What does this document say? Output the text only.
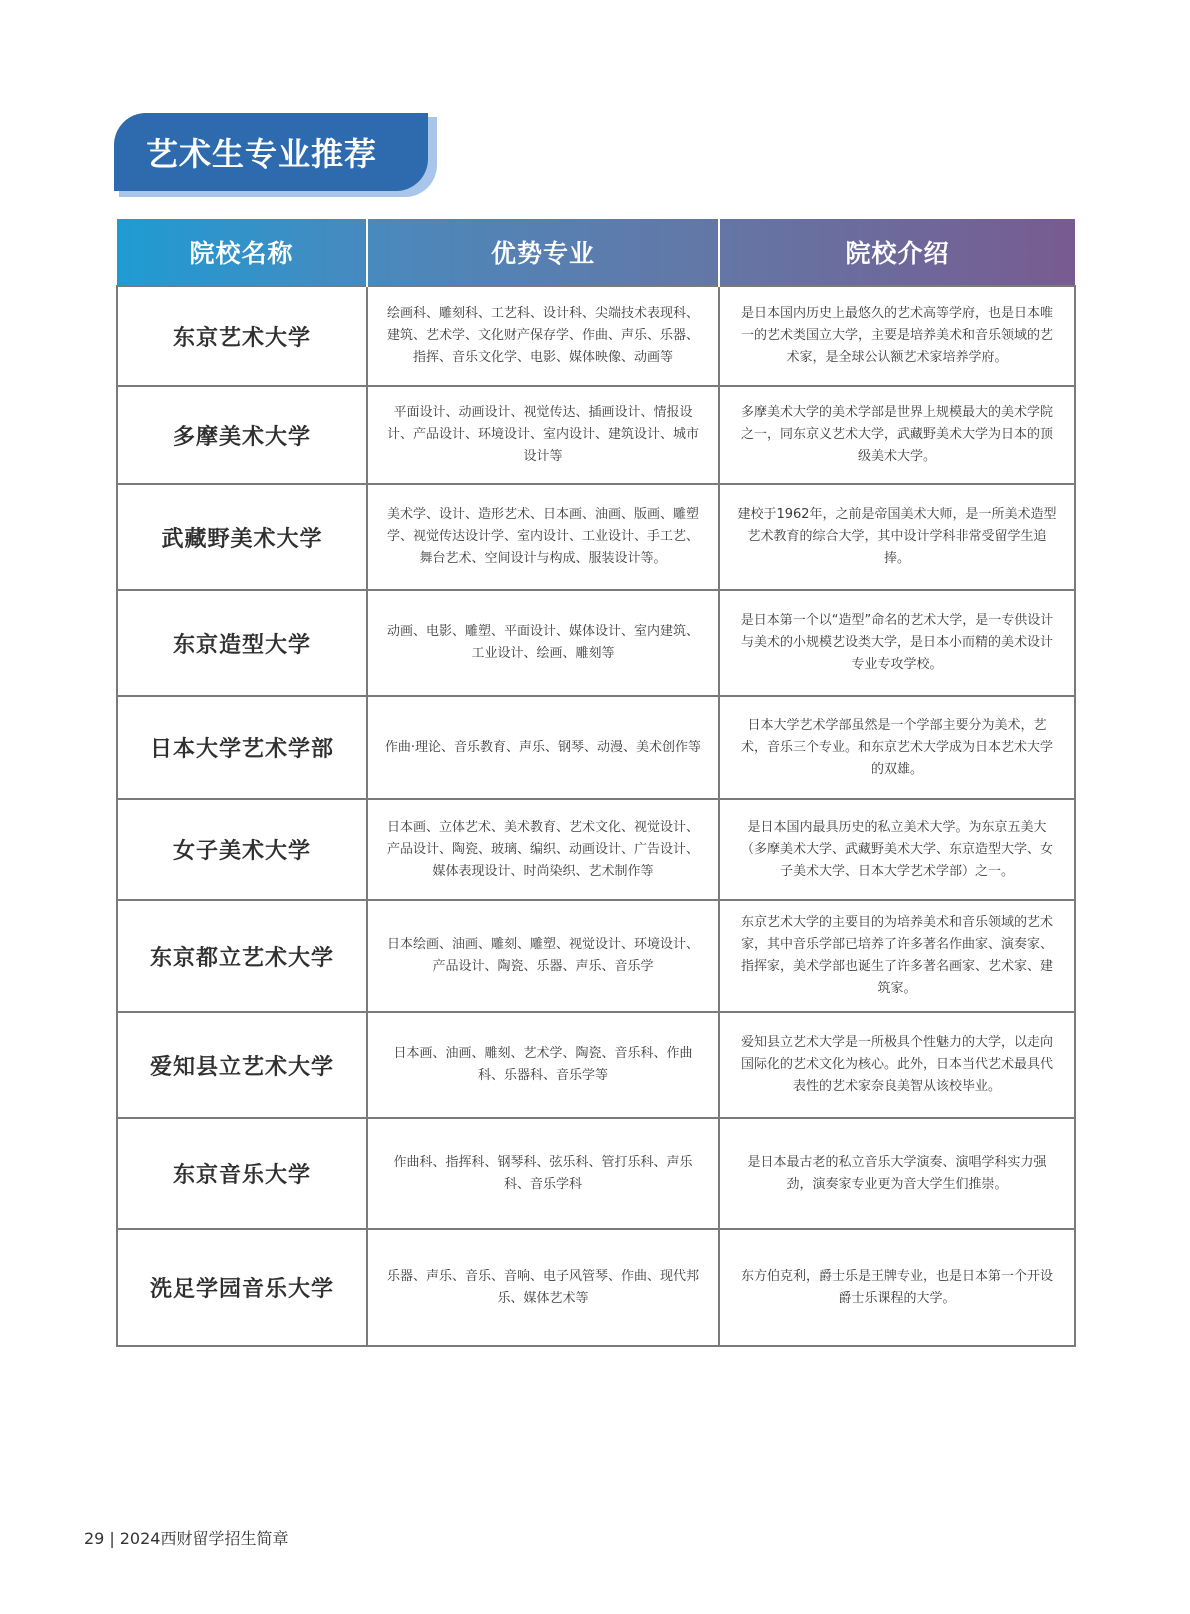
艺术生专业推荐
院校名称	优势专业	院校介绍
东京艺术大学	绘画科、雕刻科、工艺科、设计科、尖端技术表现科、建筑、艺术学、文化财产保存学、作曲、声乐、乐器、指挥、音乐文化学、电影、媒体映像、动画等	是日本国内历史上最悠久的艺术高等学府，也是日本唯一的艺术类国立大学，主要是培养美术和音乐领域的艺术家，是全球公认额艺术家培养学府。
多摩美术大学	平面设计、动画设计、视觉传达、插画设计、情报设计、产品设计、环境设计、室内设计、建筑设计、城市设计等	多摩美术大学的美术学部是世界上规模最大的美术学院之一，同东京义艺术大学，武藏野美术大学为日本的顶级美术大学。
武藏野美术大学	美术学、设计、造形艺术、日本画、油画、版画、雕塑学、视觉传达设计学、室内设计、工业设计、手工艺、舞台艺术、空间设计与构成、服装设计等。	建校于1962年，之前是帝国美术大师，是一所美术造型艺术教育的综合大学，其中设计学科非常受留学生追捧。
东京造型大学	动画、电影、雕塑、平面设计、媒体设计、室内建筑、工业设计、绘画、雕刻等	是日本第一个以“造型”命名的艺术大学，是一专供设计与美术的小规模艺设类大学，是日本小而精的美术设计专业专攻学校。
日本大学艺术学部	作曲·理论、音乐教育、声乐、钢琴、动漫、美术创作等	日本大学艺术学部虽然是一个学部主要分为美术，艺术，音乐三个专业。和东京艺术大学成为日本艺术大学的双雄。
女子美术大学	日本画、立体艺术、美术教育、艺术文化、视觉设计、产品设计、陶瓷、玻璃、编织、动画设计、广告设计、媒体表现设计、时尚染织、艺术制作等	是日本国内最具历史的私立美术大学。为东京五美大（多摩美术大学、武藏野美术大学、东京造型大学、女子美术大学、日本大学艺术学部）之一。
东京都立艺术大学	日本绘画、油画、雕刻、雕塑、视觉设计、环境设计、产品设计、陶瓷、乐器、声乐、音乐学	东京艺术大学的主要目的为培养美术和音乐领域的艺术家，其中音乐学部已培养了许多著名作曲家、演奏家、指挥家，美术学部也诞生了许多著名画家、艺术家、建筑家。
爱知县立艺术大学	日本画、油画、雕刻、艺术学、陶瓷、音乐科、作曲科、乐器科、音乐学等	爱知县立艺术大学是一所极具个性魅力的大学，以走向国际化的艺术文化为核心。此外，日本当代艺术最具代表性的艺术家奈良美智从该校毕业。
东京音乐大学	作曲科、指挥科、钢琴科、弦乐科、管打乐科、声乐科、音乐学科	是日本最古老的私立音乐大学演奏、演唱学科实力强劲，演奏家专业更为音大学生们推崇。
洗足学园音乐大学	乐器、声乐、音乐、音响、电子风管琴、作曲、现代邦乐、媒体艺术等	东方伯克利，爵士乐是王牌专业，也是日本第一个开设爵士乐课程的大学。
29 | 2024西财留学招生简章
